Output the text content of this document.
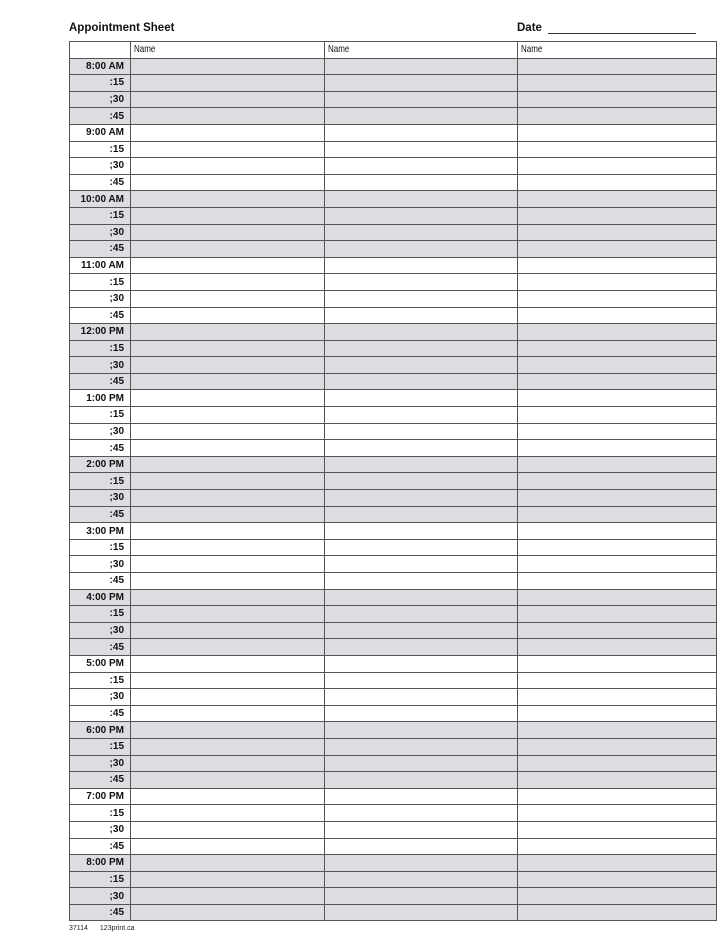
Appointment Sheet	Date
	Name	Name	Name
8:00 AM			
:15			
;30			
:45			
9:00 AM			
:15			
;30			
:45			
10:00 AM			
:15			
;30			
:45			
11:00 AM			
:15			
;30			
:45			
12:00 PM			
:15			
;30			
:45			
1:00 PM			
:15			
;30			
:45			
2:00 PM			
:15			
;30			
:45			
3:00 PM			
:15			
;30			
:45			
4:00 PM			
:15			
;30			
:45			
5:00 PM			
:15			
;30			
:45			
6:00 PM			
:15			
;30			
:45			
7:00 PM			
:15			
;30			
:45			
8:00 PM			
:15			
;30			
:45			
37114 123print.ca
